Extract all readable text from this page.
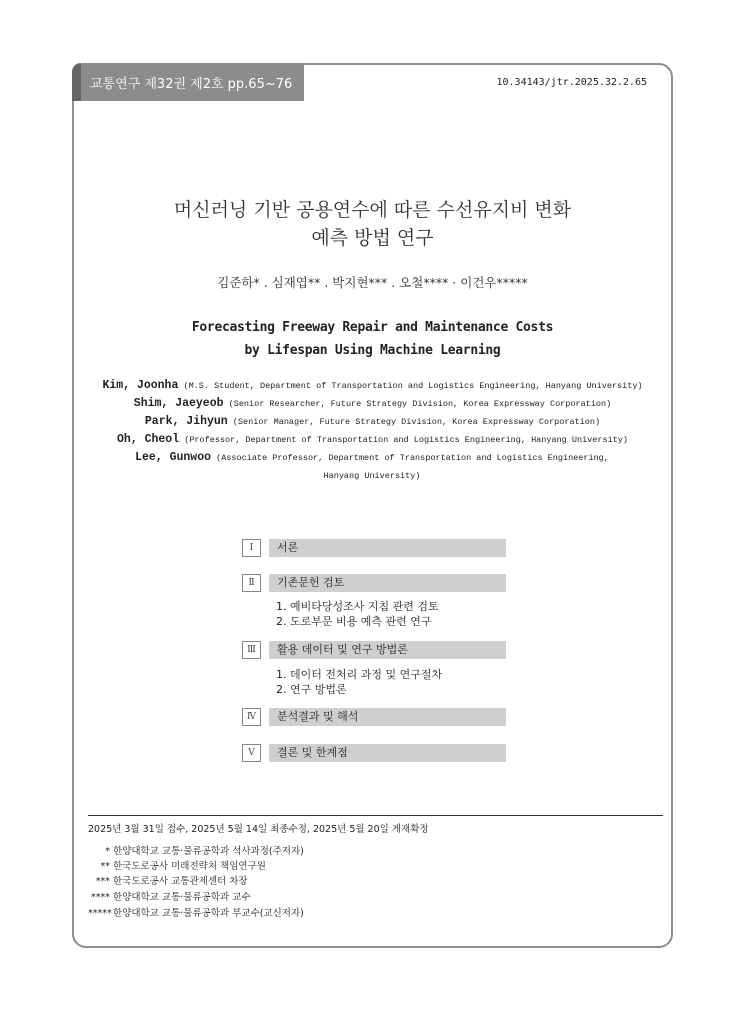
교통연구 제32권 제2호 pp.65~76	10.34143/jtr.2025.32.2.65
머신러닝 기반 공용연수에 따른 수선유지비 변화
예측 방법 연구
김준하* . 심재엽** . 박지현*** . 오철**** · 이건우*****
Forecasting Freeway Repair and Maintenance Costs
by Lifespan Using Machine Learning
Kim, Joonha (M.S. Student, Department of Transportation and Logistics Engineering, Hanyang University)
Shim, Jaeyeob (Senior Researcher, Future Strategy Division, Korea Expressway Corporation)
Park, Jihyun (Senior Manager, Future Strategy Division, Korea Expressway Corporation)
Oh, Cheol (Professor, Department of Transportation and Logistics Engineering, Hanyang University)
Lee, Gunwoo (Associate Professor, Department of Transportation and Logistics Engineering,
Hanyang University)
Ⅰ	서론
Ⅱ	기존문헌 검토
1. 예비타당성조사 지침 관련 검토
2. 도로부문 비용 예측 관련 연구
Ⅲ	활용 데이터 및 연구 방법론
1. 데이터 전처리 과정 및 연구절차
2. 연구 방법론
Ⅳ	분석결과 및 해석
Ⅴ	결론 및 한계점
2025년 3월 31일 접수, 2025년 5월 14일 최종수정, 2025년 5월 20일 게재확정
* 한양대학교 교통·물류공학과 석사과정(주저자)
** 한국도로공사 미래전략처 책임연구원
*** 한국도로공사 교통관제센터 차장
**** 한양대학교 교통·물류공학과 교수
***** 한양대학교 교통·물류공학과 부교수(교신저자)
